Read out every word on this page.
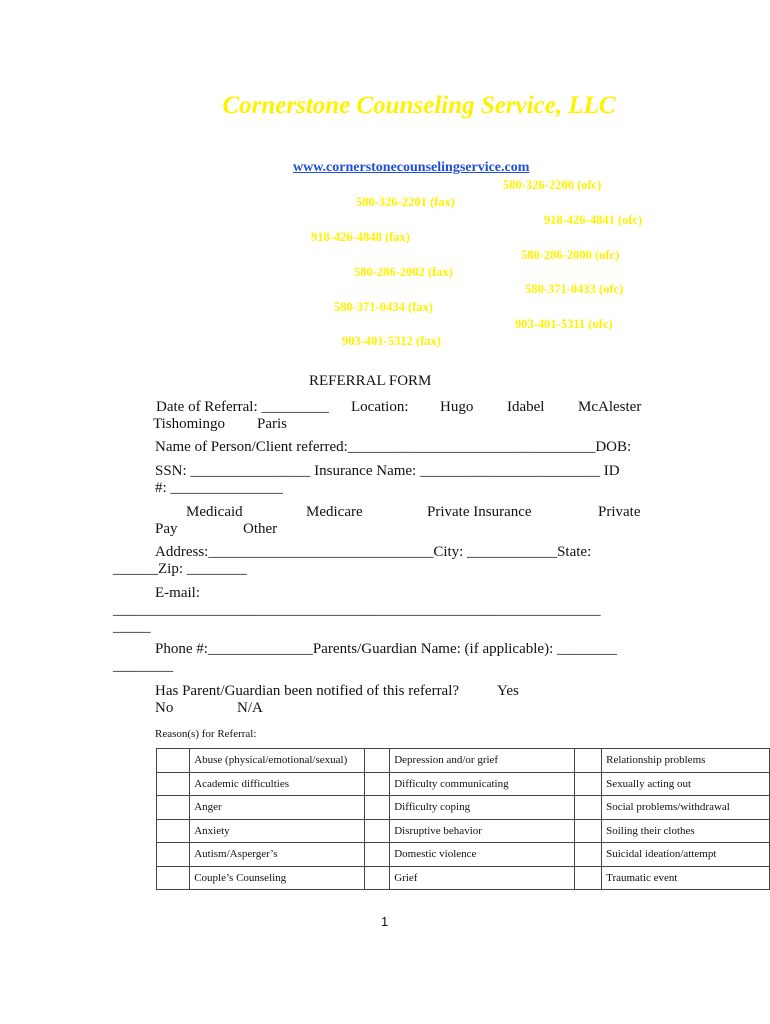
Cornerstone Counseling Service, LLC
www.cornerstonecounselingservice.com
580-326-2200 (ofc)
580-326-2201 (fax)
918-426-4841 (ofc)
918-426-4848 (fax)
580-286-2000 (ofc)
580-286-2002 (fax)
580-371-0433 (ofc)
580-371-0434 (fax)
903-401-5311 (ofc)
903-401-5312 (fax)
REFERRAL FORM
Date of Referral: _________ Location: Hugo Idabel McAlester
Tishomingo Paris
Name of Person/Client referred:_________________________________DOB:
SSN: ________________ Insurance Name: ________________________ ID
#: _______________
Medicaid	Medicare	Private Insurance	Private
Pay	Other
Address:______________________________City: ____________State:
______Zip: ________
E-mail:
_________________________________________________________________
_____
Phone #:______________Parents/Guardian Name: (if applicable): ________
________
Has Parent/Guardian been notified of this referral?	Yes
No	N/A
Reason(s) for Referral:
	Abuse (physical/emotional/sexual)		Depression and/or grief		Relationship problems
	Academic difficulties		Difficulty communicating		Sexually acting out
	Anger		Difficulty coping		Social problems/withdrawal
	Anxiety		Disruptive behavior		Soiling their clothes
	Autism/Asperger’s		Domestic violence		Suicidal ideation/attempt
	Couple’s Counseling		Grief		Traumatic event
1
